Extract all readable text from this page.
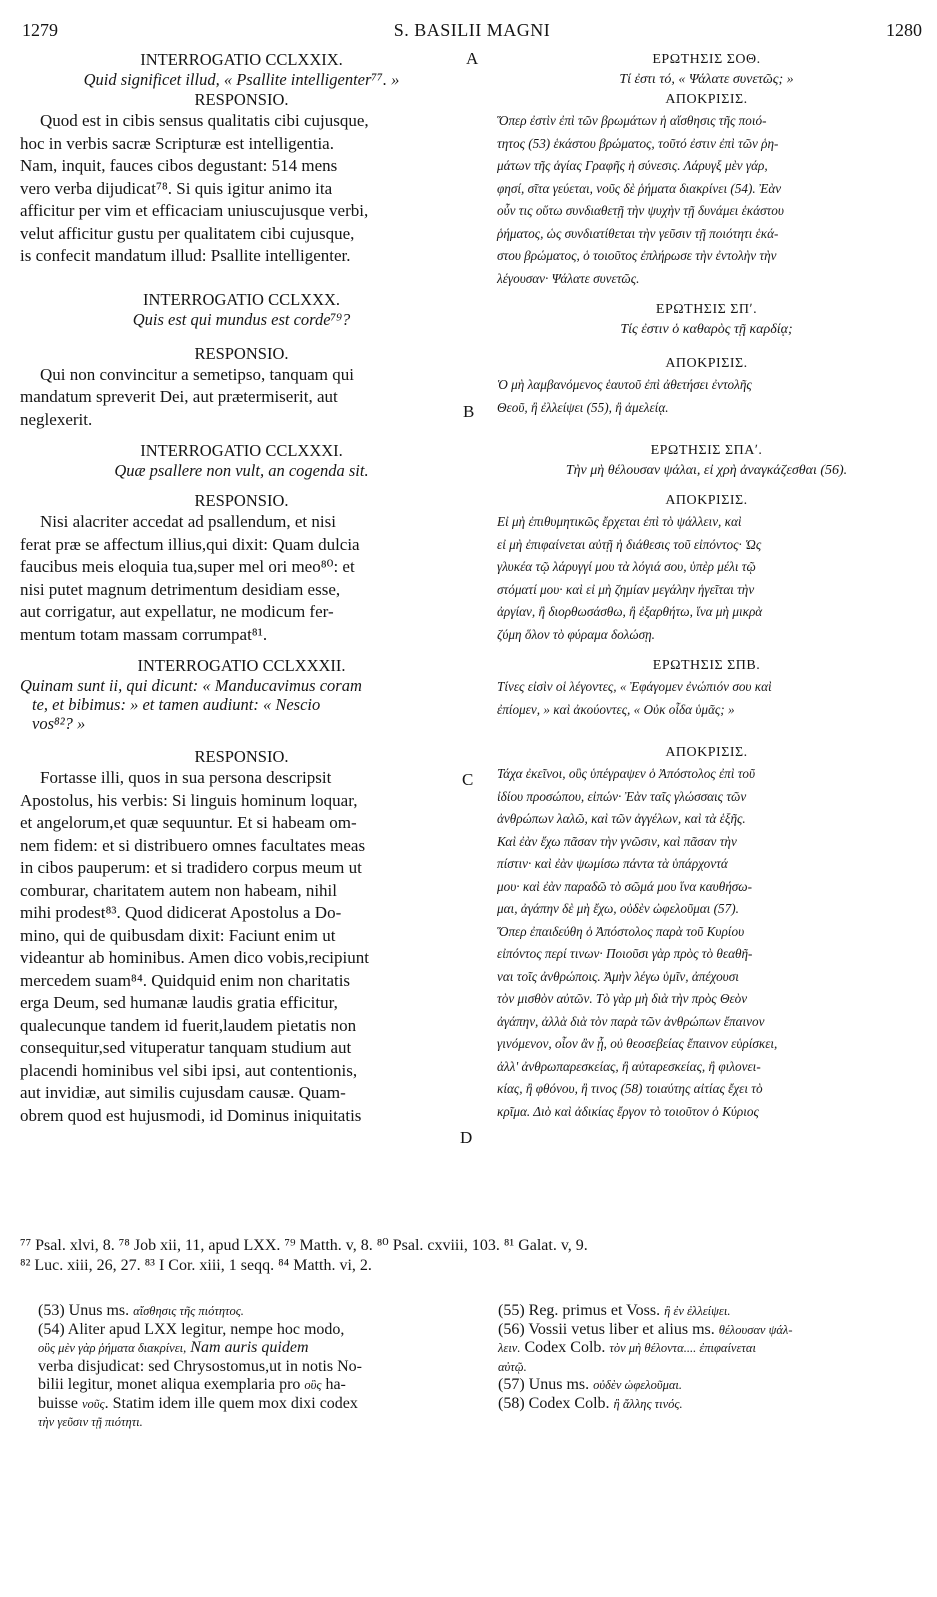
1279	S. BASILII MAGNI	1280
A
B
C
D
INTERROGATIO CCLXXIX.
Quid significet illud, « Psallite intelligenter⁷⁷. »
RESPONSIO.
Quod est in cibis sensus qualitatis cibi cujusque,
hoc in verbis sacræ Scripturæ est intelligentia.
Nam, inquit, fauces cibos degustant: 514 mens
vero verba dijudicat⁷⁸. Si quis igitur animo ita
afficitur per vim et efficaciam uniuscujusque verbi,
velut afficitur gustu per qualitatem cibi cujusque,
is confecit mandatum illud: Psallite intelligenter.
INTERROGATIO CCLXXX.
Quis est qui mundus est corde⁷⁹?
RESPONSIO.
Qui non convincitur a semetipso, tanquam qui
mandatum spreverit Dei, aut prætermiserit, aut
neglexerit.
INTERROGATIO CCLXXXI.
Quæ psallere non vult, an cogenda sit.
RESPONSIO.
Nisi alacriter accedat ad psallendum, et nisi
ferat præ se affectum illius,qui dixit: Quam dulcia
faucibus meis eloquia tua,super mel ori meo⁸⁰: et
nisi putet magnum detrimentum desidiam esse,
aut corrigatur, aut expellatur, ne modicum fer-
mentum totam massam corrumpat⁸¹.
INTERROGATIO CCLXXXII.
Quinam sunt ii, qui dicunt: « Manducavimus coram
te, et bibimus: » et tamen audiunt: « Nescio
vos⁸²? »
RESPONSIO.
Fortasse illi, quos in sua persona descripsit
Apostolus, his verbis: Si linguis hominum loquar,
et angelorum,et quæ sequuntur. Et si habeam om-
nem fidem: et si distribuero omnes facultates meas
in cibos pauperum: et si tradidero corpus meum ut
comburar, charitatem autem non habeam, nihil
mihi prodest⁸³. Quod didicerat Apostolus a Do-
mino, qui de quibusdam dixit: Faciunt enim ut
videantur ab hominibus. Amen dico vobis,recipiunt
mercedem suam⁸⁴. Quidquid enim non charitatis
erga Deum, sed humanæ laudis gratia efficitur,
qualecunque tandem id fuerit,laudem pietatis non
consequitur,sed vituperatur tanquam studium aut
placendi hominibus vel sibi ipsi, aut contentionis,
aut invidiæ, aut similis cujusdam causæ. Quam-
obrem quod est hujusmodi, id Dominus iniquitatis
ΕΡΩΤΗΣΙΣ ΣΟΘ.
Τί ἐστι τό, « Ψάλατε συνετῶς; »
ΑΠΟΚΡΙΣΙΣ.
Ὅπερ ἐστὶν ἐπὶ τῶν βρωμάτων ἡ αἴσθησις τῆς ποιό-
τητος (53) ἑκάστου βρώματος, τοῦτό ἐστιν ἐπὶ τῶν ῥη-
μάτων τῆς ἁγίας Γραφῆς ἡ σύνεσις. Λάρυγξ μὲν γάρ,
φησί, σῖτα γεύεται, νοῦς δὲ ῥήματα διακρίνει (54). Ἐὰν
οὖν τις οὕτω συνδιαθετῇ τὴν ψυχὴν τῇ δυνάμει ἑκάστου
ῥήματος, ὡς συνδιατίθεται τὴν γεῦσιν τῇ ποιότητι ἑκά-
στου βρώματος, ὁ τοιοῦτος ἐπλήρωσε τὴν ἐντολὴν τὴν
λέγουσαν· Ψάλατε συνετῶς.
ΕΡΩΤΗΣΙΣ ΣΠʹ.
Τίς ἐστιν ὁ καθαρὸς τῇ καρδίᾳ;
ΑΠΟΚΡΙΣΙΣ.
Ὁ μὴ λαμβανόμενος ἑαυτοῦ ἐπὶ ἀθετήσει ἐντολῆς
Θεοῦ, ἢ ἐλλείψει (55), ἢ ἀμελείᾳ.
ΕΡΩΤΗΣΙΣ ΣΠΑʹ.
Τὴν μὴ θέλουσαν ψάλαι, εἰ χρὴ ἀναγκάζεσθαι (56).
ΑΠΟΚΡΙΣΙΣ.
Εἰ μὴ ἐπιθυμητικῶς ἔρχεται ἐπὶ τὸ ψάλλειν, καὶ
εἰ μὴ ἐπιφαίνεται αὐτῇ ἡ διάθεσις τοῦ εἰπόντος· Ὡς
γλυκέα τῷ λάρυγγί μου τὰ λόγιά σου, ὑπὲρ μέλι τῷ
στόματί μου· καὶ εἰ μὴ ζημίαν μεγάλην ἡγεῖται τὴν
ἀργίαν, ἢ διορθωσάσθω, ἢ ἐξαρθήτω, ἵνα μὴ μικρὰ
ζύμη ὅλον τὸ φύραμα δολώσῃ.
ΕΡΩΤΗΣΙΣ ΣΠΒ.
Τίνες εἰσὶν οἱ λέγοντες, « Ἐφάγομεν ἐνώπιόν σου καὶ
ἐπίομεν, » καὶ ἀκούοντες, « Οὐκ οἶδα ὑμᾶς; »
ΑΠΟΚΡΙΣΙΣ.
Τάχα ἐκεῖνοι, οὓς ὑπέγραψεν ὁ Ἀπόστολος ἐπὶ τοῦ
ἰδίου προσώπου, εἰπών· Ἐὰν ταῖς γλώσσαις τῶν
ἀνθρώπων λαλῶ, καὶ τῶν ἀγγέλων, καὶ τὰ ἑξῆς.
Καὶ ἐὰν ἔχω πᾶσαν τὴν γνῶσιν, καὶ πᾶσαν τὴν
πίστιν· καὶ ἐὰν ψωμίσω πάντα τὰ ὑπάρχοντά
μου· καὶ ἐὰν παραδῶ τὸ σῶμά μου ἵνα καυθήσω-
μαι, ἀγάπην δὲ μὴ ἔχω, οὐδὲν ὠφελοῦμαι (57).
Ὅπερ ἐπαιδεύθη ὁ Ἀπόστολος παρὰ τοῦ Κυρίου
εἰπόντος περί τινων· Ποιοῦσι γὰρ πρὸς τὸ θεαθῆ-
ναι τοῖς ἀνθρώποις. Ἀμὴν λέγω ὑμῖν, ἀπέχουσι
τὸν μισθὸν αὐτῶν. Τὸ γὰρ μὴ διὰ τὴν πρὸς Θεὸν
ἀγάπην, ἀλλὰ διὰ τὸν παρὰ τῶν ἀνθρώπων ἔπαινον
γινόμενον, οἷον ἂν ᾖ, οὐ θεοσεβείας ἔπαινον εὑρίσκει,
ἀλλ' ἀνθρωπαρεσκείας, ἢ αὐταρεσκείας, ἢ φιλονει-
κίας, ἢ φθόνου, ἢ τινος (58) τοιαύτης αἰτίας ἔχει τὸ
κρῖμα. Διὸ καὶ ἀδικίας ἔργον τὸ τοιοῦτον ὁ Κύριος
⁷⁷ Psal. xlvi, 8. ⁷⁸ Job xii, 11, apud LXX. ⁷⁹ Matth. v, 8. ⁸⁰ Psal. cxviii, 103. ⁸¹ Galat. v, 9.
⁸² Luc. xiii, 26, 27. ⁸³ I Cor. xiii, 1 seqq. ⁸⁴ Matth. vi, 2.
(53) Unus ms. αἴσθησις τῆς πιότητος.
(54) Aliter apud LXX legitur, nempe hoc modo,
οὓς μὲν γὰρ ῥήματα διακρίνει, Nam auris quidem
verba disjudicat: sed Chrysostomus,ut in notis No-
bilii legitur, monet aliqua exemplaria pro οὓς ha-
buisse νοῦς. Statim idem ille quem mox dixi codex
τὴν γεῦσιν τῇ πιότητι.
(55) Reg. primus et Voss. ἢ ἐν ἐλλείψει.
(56) Vossii vetus liber et alius ms. θέλουσαν ψάλ-
λειν. Codex Colb. τὸν μὴ θέλοντα.... ἐπιφαίνεται
αὐτῷ.
(57) Unus ms. οὐδὲν ὠφελοῦμαι.
(58) Codex Colb. ἢ ἄλλης τινός.
